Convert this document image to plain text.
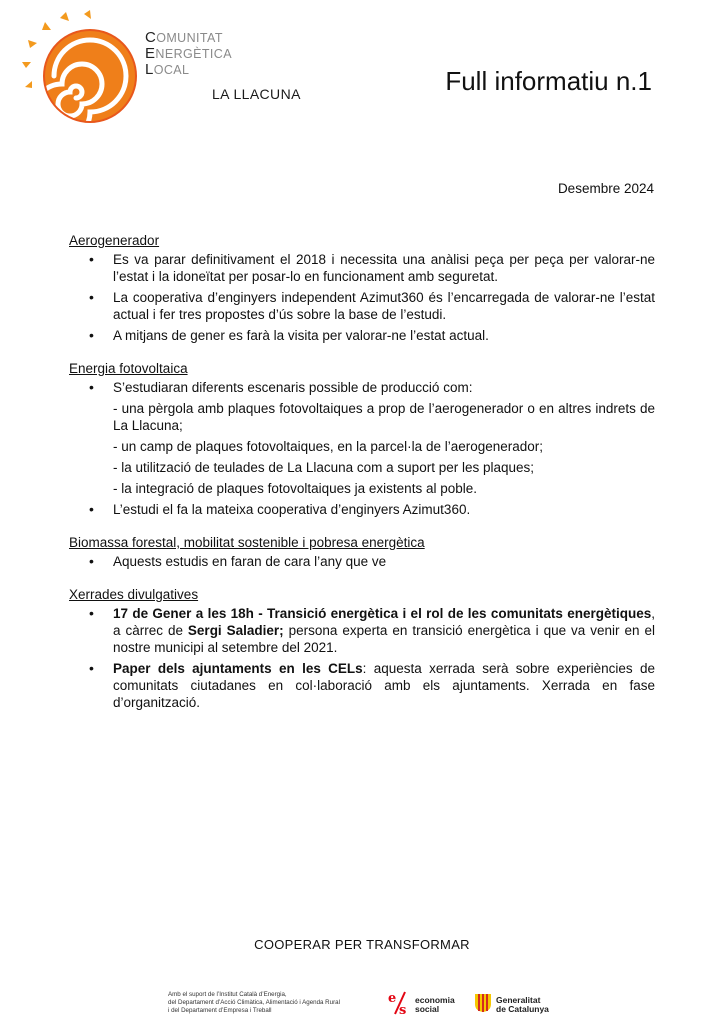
COMUNITAT
ENERGÈTICA
LOCAL
LA LLACUNA	Full informatiu n.1
Desembre 2024
Aerogenerador
• Es va parar definitivament el 2018 i necessita una anàlisi peça per peça per valorar-ne l’estat i la idoneïtat per posar-lo en funcionament amb seguretat.
• La cooperativa d’enginyers independent Azimut360 és l’encarregada de valorar-ne l’estat actual i fer tres propostes d’ús sobre la base de l’estudi.
• A mitjans de gener es farà la visita per valorar-ne l’estat actual.
Energia fotovoltaica
• S’estudiaran diferents escenaris possible de producció com:
- una pèrgola amb plaques fotovoltaiques a prop de l’aerogenerador o en altres indrets de La Llacuna;
- un camp de plaques fotovoltaiques, en la parcel·la de l’aerogenerador;
- la utilització de teulades de La Llacuna com a suport per les plaques;
- la integració de plaques fotovoltaiques ja existents al poble.
• L’estudi el fa la mateixa cooperativa d’enginyers Azimut360.
Biomassa forestal, mobilitat sostenible i pobresa energètica
• Aquests estudis en faran de cara l’any que ve
Xerrades divulgatives
• 17 de Gener a les 18h - Transició energètica i el rol de les comunitats energètiques, a càrrec de Sergi Saladier; persona experta en transició energètica i que va venir en el nostre municipi al setembre del 2021.
• Paper dels ajuntaments en les CELs: aquesta xerrada serà sobre experiències de comunitats ciutadanes en col·laboració amb els ajuntaments. Xerrada en fase d’organització.
COOPERAR PER TRANSFORMAR
Amb el suport de l’Institut Català d’Energia,
del Departament d’Acció Climàtica, Alimentació i Agenda Rural
i del Departament d’Empresa i Treball
e
s
economia
social
Generalitat
de Catalunya
